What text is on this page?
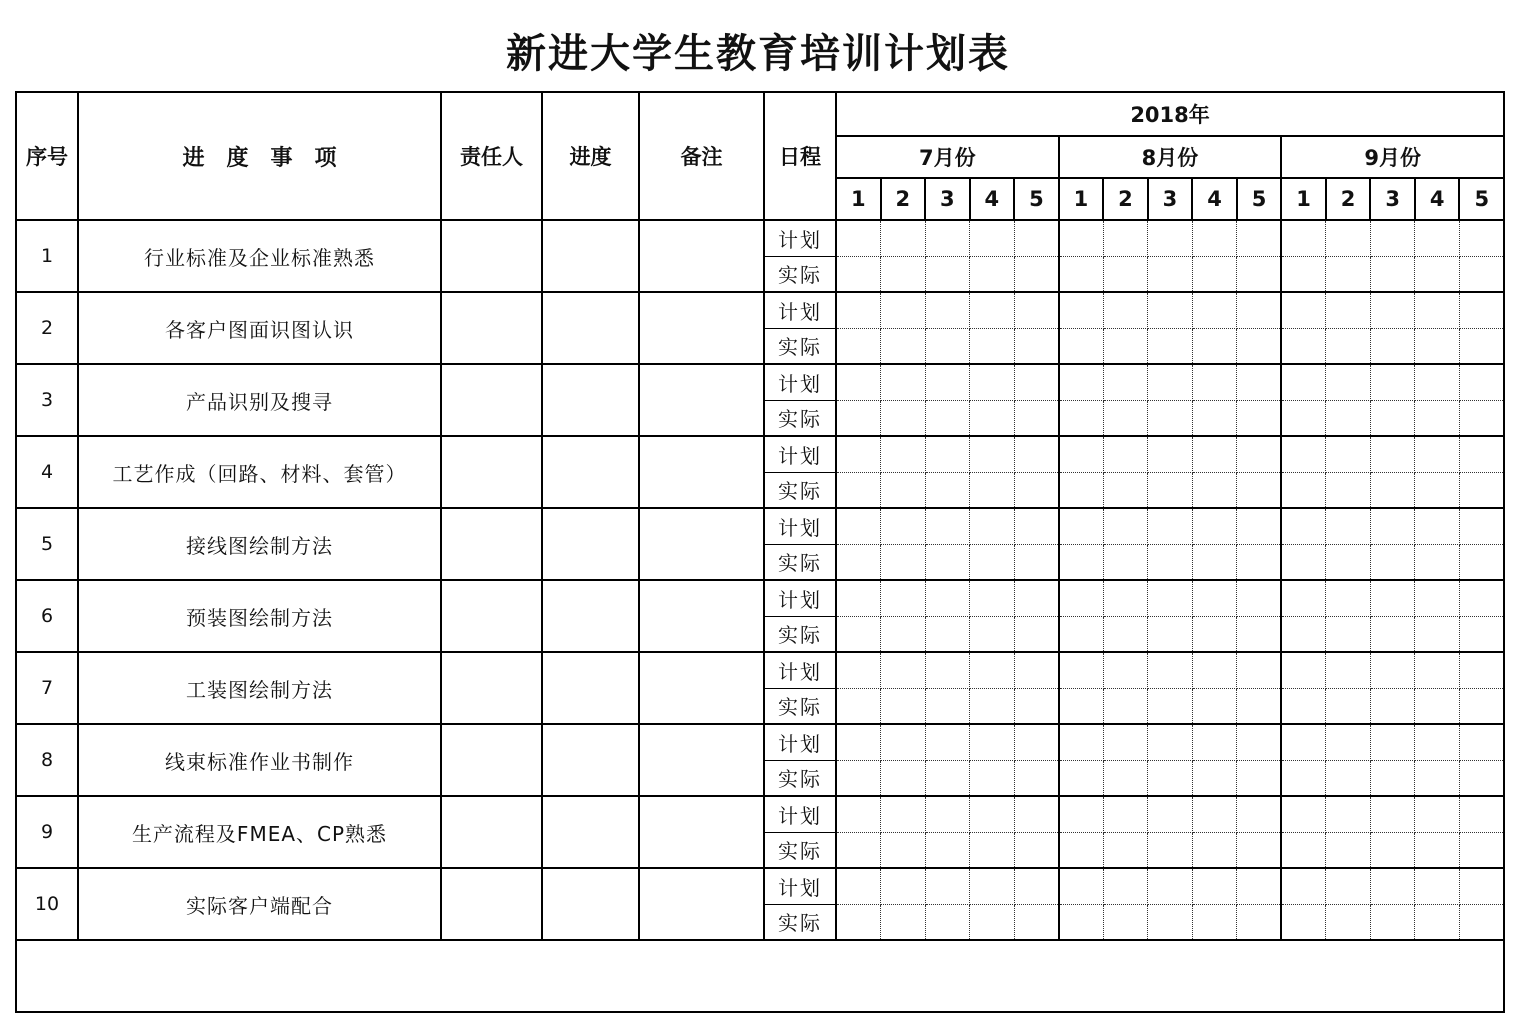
新进大学生教育培训计划表
序号	进　度　事　项	责任人	进度	备注	日程	2018年														
						7月份					8月份					9月份				
						1	2	3	4	5	1	2	3	4	5	1	2	3	4	5
1	行业标准及企业标准熟悉				计划															
					实际															
2	各客户图面识图认识				计划															
					实际															
3	产品识别及搜寻				计划															
					实际															
4	工艺作成（回路、材料、套管）				计划															
					实际															
5	接线图绘制方法				计划															
					实际															
6	预装图绘制方法				计划															
					实际															
7	工装图绘制方法				计划															
					实际															
8	线束标准作业书制作				计划															
					实际															
9	生产流程及FMEA、CP熟悉				计划															
					实际															
10	实际客户端配合				计划															
					实际															
